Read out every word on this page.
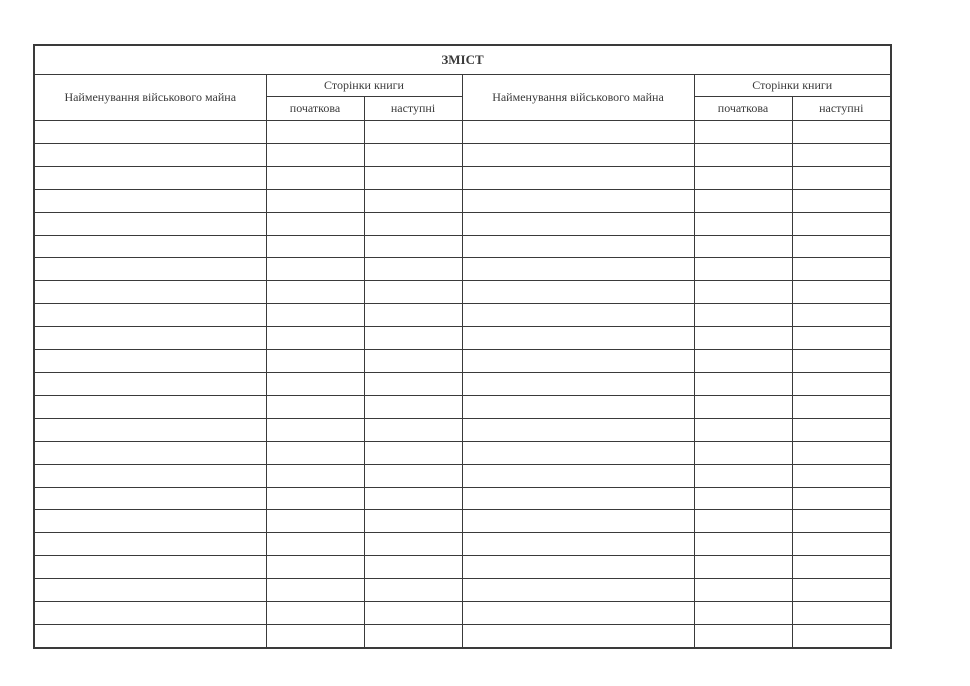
ЗМІСТ					
Найменування військового майна	Сторінки книги		Найменування військового майна	Сторінки книги	
	початкова	наступні		початкова	наступні
